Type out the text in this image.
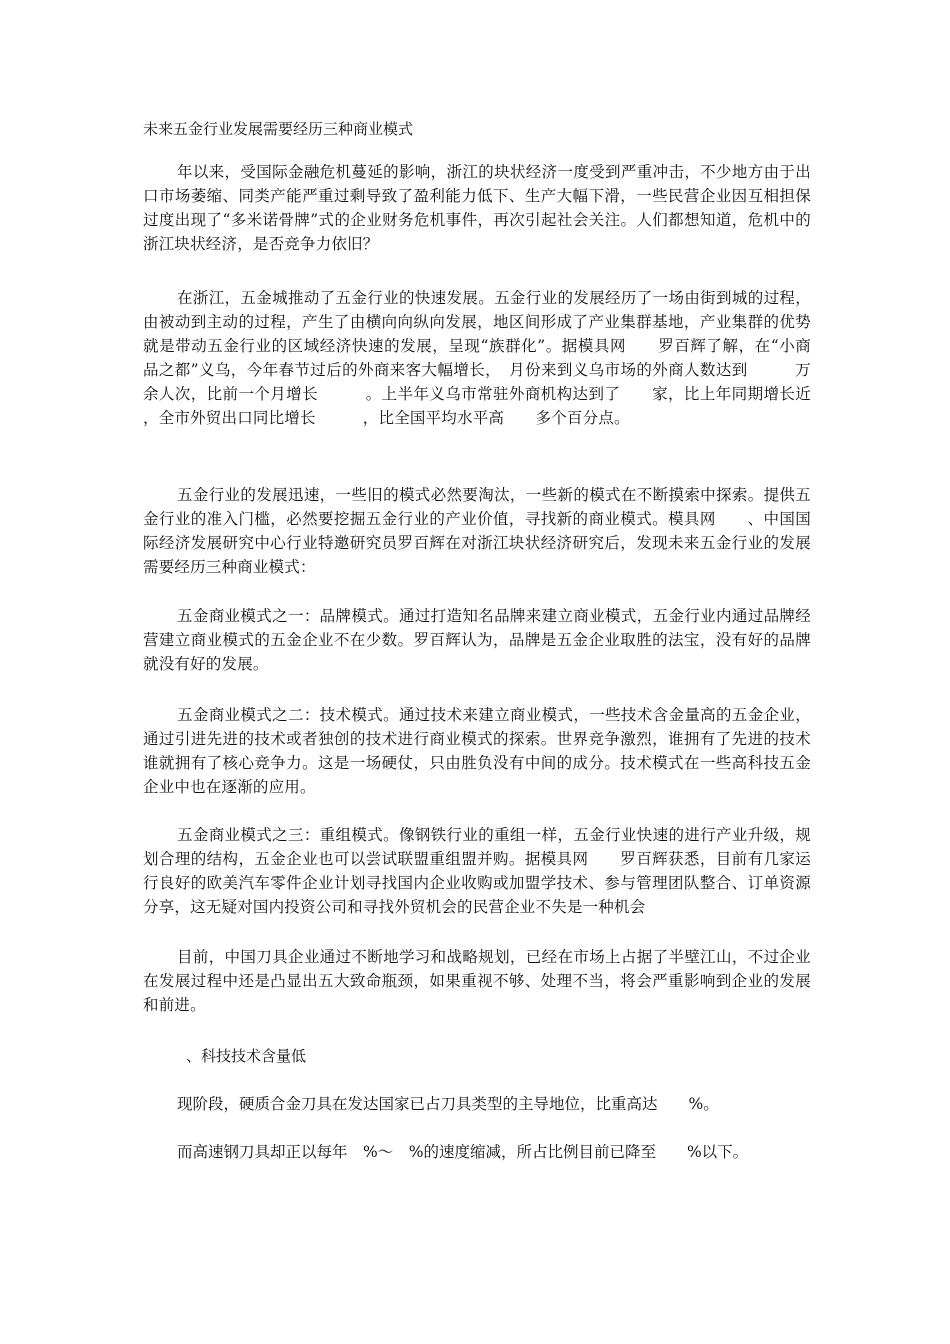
未来五金行业发展需要经历三种商业模式
年以来，受国际金融危机蔓延的影响，浙江的块状经济一度受到严重冲击，不少地方由于出口市场萎缩、同类产能严重过剩导致了盈利能力低下、生产大幅下滑，一些民营企业因互相担保过度出现了“多米诺骨牌”式的企业财务危机事件，再次引起社会关注。人们都想知道，危机中的浙江块状经济，是否竞争力依旧？
在浙江，五金城推动了五金行业的快速发展。五金行业的发展经历了一场由街到城的过程，由被动到主动的过程，产生了由横向向纵向发展，地区间形成了产业集群基地，产业集群的优势就是带动五金行业的区域经济快速的发展，呈现“族群化”。据模具网　　罗百辉了解，在“小商品之都”义乌，今年春节过后的外商来客大幅增长，　月份来到义乌市场的外商人数达到　　　万余人次，比前一个月增长　　　。上半年义乌市常驻外商机构达到了　　家，比上年同期增长近　　，全市外贸出口同比增长　　　，比全国平均水平高　　多个百分点。
五金行业的发展迅速，一些旧的模式必然要淘汰，一些新的模式在不断摸索中探索。提供五金行业的准入门槛，必然要挖掘五金行业的产业价值，寻找新的商业模式。模具网　　、中国国际经济发展研究中心行业特邀研究员罗百辉在对浙江块状经济研究后，发现未来五金行业的发展需要经历三种商业模式：
五金商业模式之一：品牌模式。通过打造知名品牌来建立商业模式，五金行业内通过品牌经营建立商业模式的五金企业不在少数。罗百辉认为，品牌是五金企业取胜的法宝，没有好的品牌就没有好的发展。
五金商业模式之二：技术模式。通过技术来建立商业模式，一些技术含金量高的五金企业，通过引进先进的技术或者独创的技术进行商业模式的探索。世界竞争激烈，谁拥有了先进的技术谁就拥有了核心竞争力。这是一场硬仗，只由胜负没有中间的成分。技术模式在一些高科技五金企业中也在逐渐的应用。
五金商业模式之三：重组模式。像钢铁行业的重组一样，五金行业快速的进行产业升级，规划合理的结构，五金企业也可以尝试联盟重组盟并购。据模具网　　罗百辉获悉，目前有几家运行良好的欧美汽车零件企业计划寻找国内企业收购或加盟学技术、参与管理团队整合、订单资源分享，这无疑对国内投资公司和寻找外贸机会的民营企业不失是一种机会
目前，中国刀具企业通过不断地学习和战略规划，已经在市场上占据了半壁江山，不过企业在发展过程中还是凸显出五大致命瓶颈，如果重视不够、处理不当，将会严重影响到企业的发展和前进。
、科技技术含量低
现阶段，硬质合金刀具在发达国家已占刀具类型的主导地位，比重高达　　%。
而高速钢刀具却正以每年　%～　%的速度缩减，所占比例目前已降至　　%以下。
